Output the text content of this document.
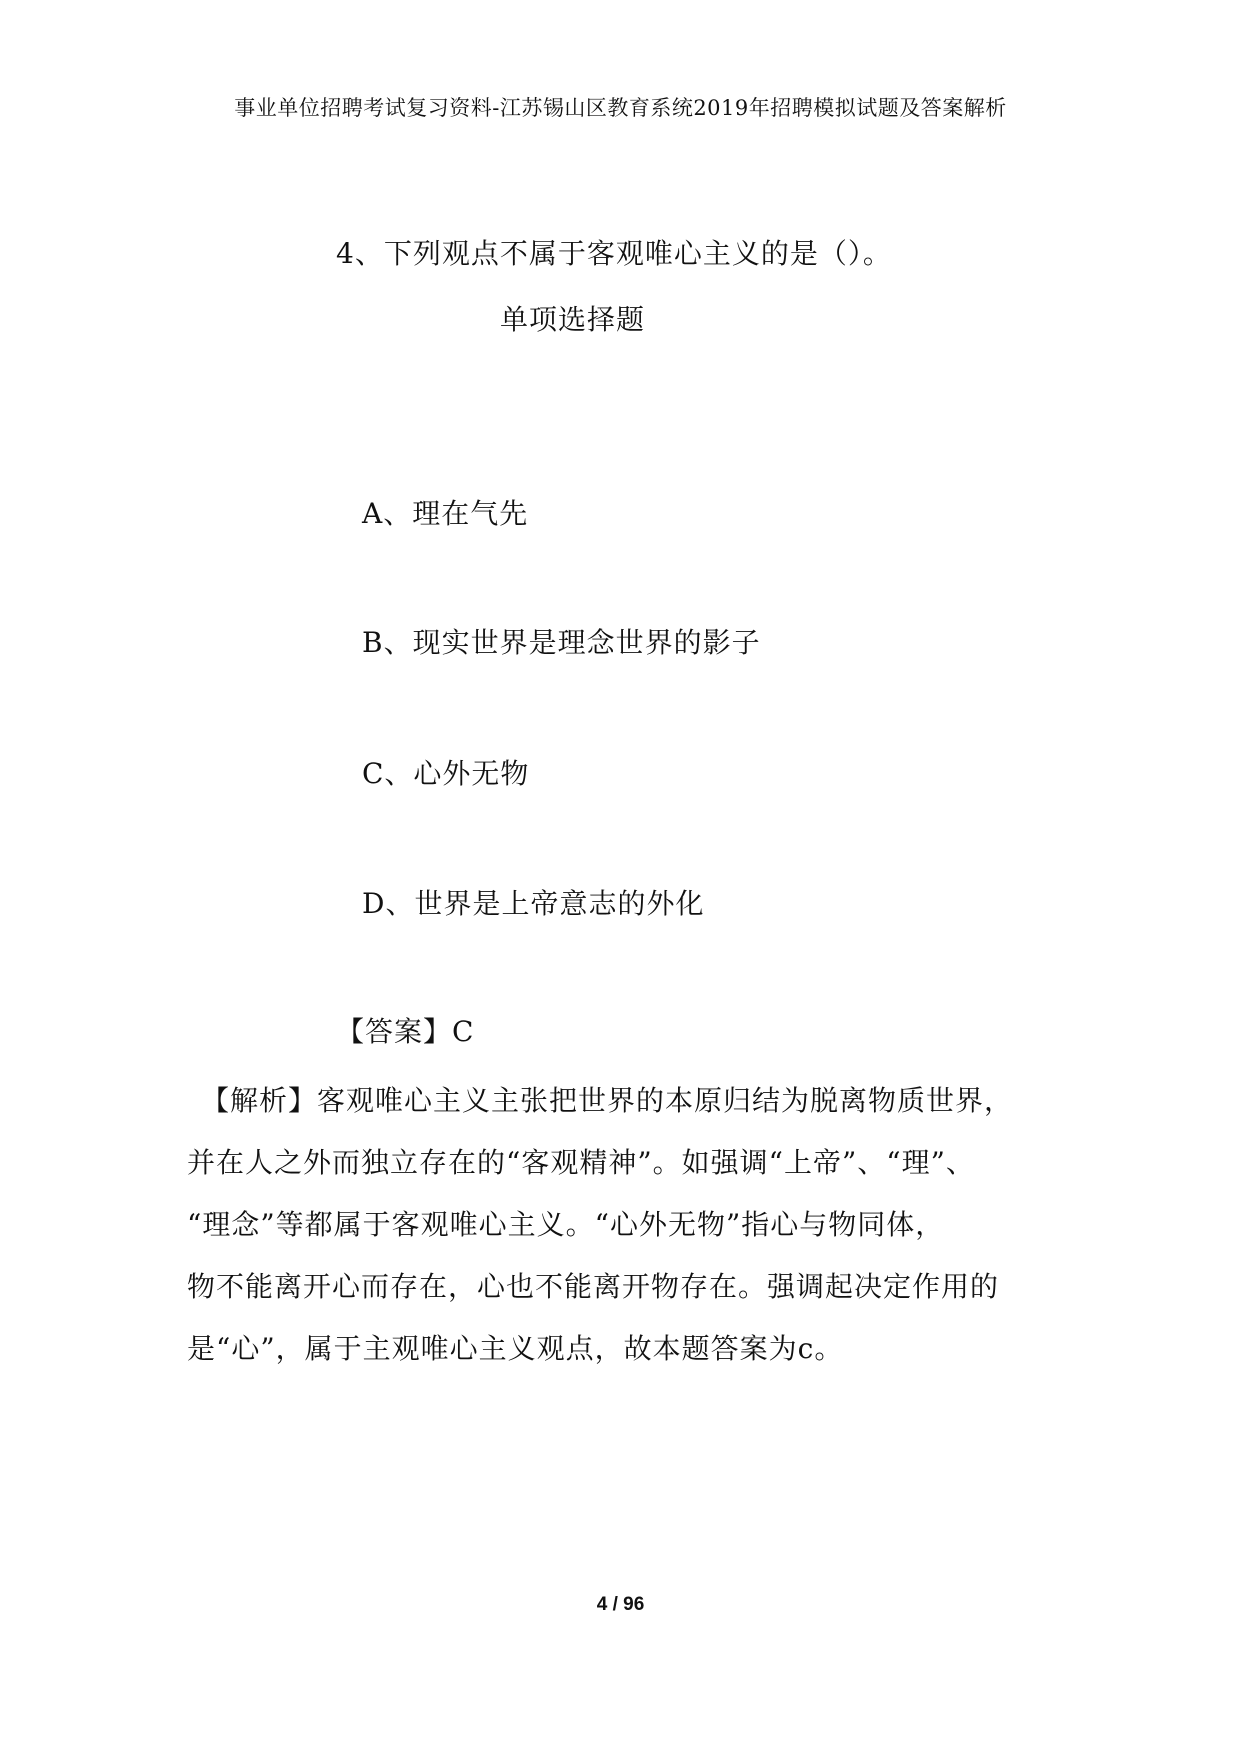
事业单位招聘考试复习资料-江苏锡山区教育系统2019年招聘模拟试题及答案解析
4、下列观点不属于客观唯心主义的是（）。
单项选择题
A、理在气先
B、现实世界是理念世界的影子
C、心外无物
D、世界是上帝意志的外化
【答案】C
【解析】客观唯心主义主张把世界的本原归结为脱离物质世界，
并在人之外而独立存在的“客观精神”。如强调“上帝”、“理”、
“理念”等都属于客观唯心主义。“心外无物”指心与物同体，
物不能离开心而存在，心也不能离开物存在。强调起决定作用的
是“心”，属于主观唯心主义观点，故本题答案为c。
4 / 96
